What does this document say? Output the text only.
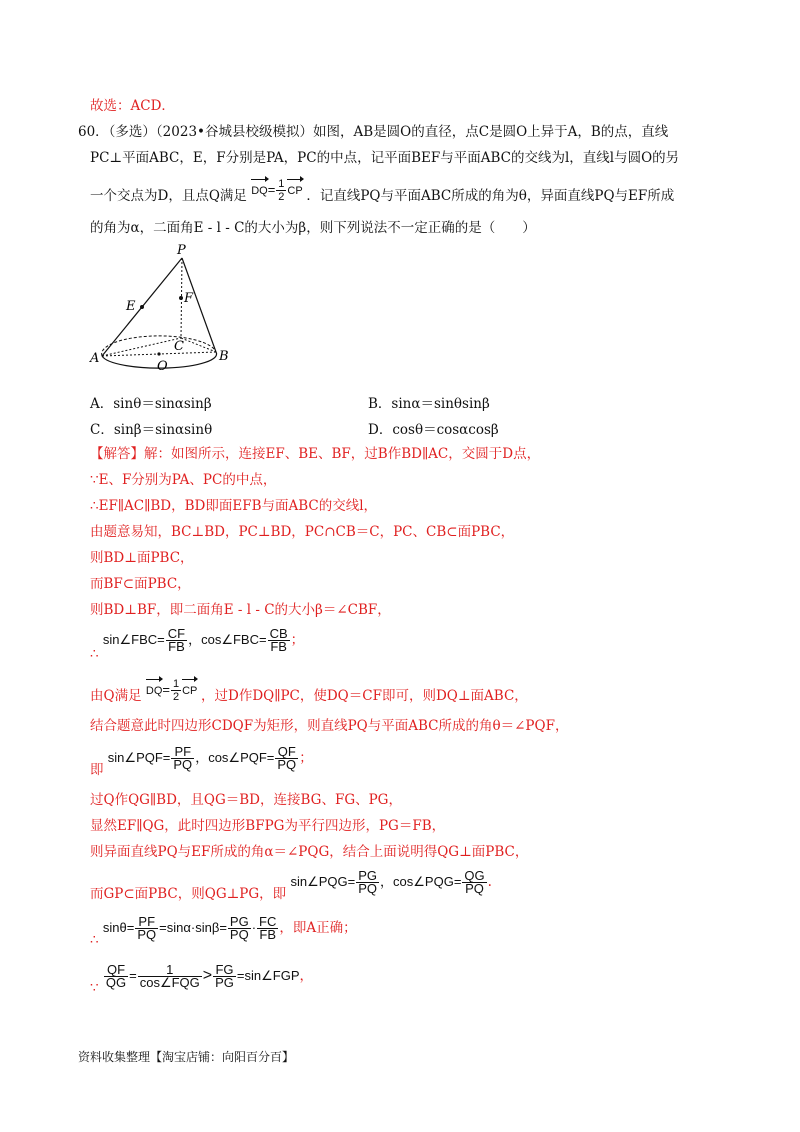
故选：ACD．
60．（多选）（2023•谷城县校级模拟）如图，AB是圆O的直径，点C是圆O上异于A，B的点，直线
PC⊥平面ABC，E，F分别是PA，PC的中点，记平面BEF与平面ABC的交线为l，直线l与圆O的另
一个交点为D，且点Q满足 $DQ= \frac{1}{2}$ CP ．记直线PQ与平面ABC所成的角为θ，异面直线PQ与EF所成
的角为α，二面角E - l - C的大小为β，则下列说法不一定正确的是（　　）
P
E
F
C
A	B
O
A．sinθ＝sinαsinβ	B．sinα＝sinθsinβ
C．sinβ＝sinαsinθ	D．cosθ＝cosαcosβ
【解答】解：如图所示，连接EF、BE、BF，过B作BD∥AC，交圆于D点，
∵E、F分别为PA、PC的中点，
∴EF∥AC∥BD，BD即面EFB与面ABC的交线l，
由题意易知，BC⊥BD，PC⊥BD，PC∩CB＝C，PC、CB⊂面PBC，
则BD⊥面PBC，
而BF⊂面PBC，
则BD⊥BF，即二面角E - l - C的大小β＝∠CBF，
∴ sin∠FBC= $\frac{CF}{FB}$ ，cos∠FBC= $\frac{CB}{FB}$ ；
由Q满足 $DQ= \frac{1}{2}$ CP ，过D作DQ∥PC，使DQ＝CF即可，则DQ⊥面ABC，
结合题意此时四边形CDQF为矩形，则直线PQ与平面ABC所成的角θ＝∠PQF，
即 sin∠PQF= $\frac{PF}{PQ}$ ，cos∠PQF= $\frac{QF}{PQ}$ ；
过Q作QG∥BD，且QG＝BD，连接BG、FG、PG，
显然EF∥QG，此时四边形BFPG为平行四边形，PG＝FB，
则异面直线PQ与EF所成的角α＝∠PQG，结合上面说明得QG⊥面PBC，
而GP⊂面PBC，则QG⊥PG，即 sin∠PQG= $\frac{PG}{PQ}$ ，cos∠PQG= $\frac{QG}{PQ}$ .
∴ $\sin\theta= \frac{PF}{PQ} =\sin\alpha\cdot\sin\beta= \frac{PG}{PQ} \cdot \frac{FC}{FB}$ ，即A正确；
∵ $\frac{QF}{QG} = \frac{1}{\text{cos∠FQG}} > \frac{FG}{PG}$ =sin∠FGP，
资料收集整理【淘宝店铺：向阳百分百】
